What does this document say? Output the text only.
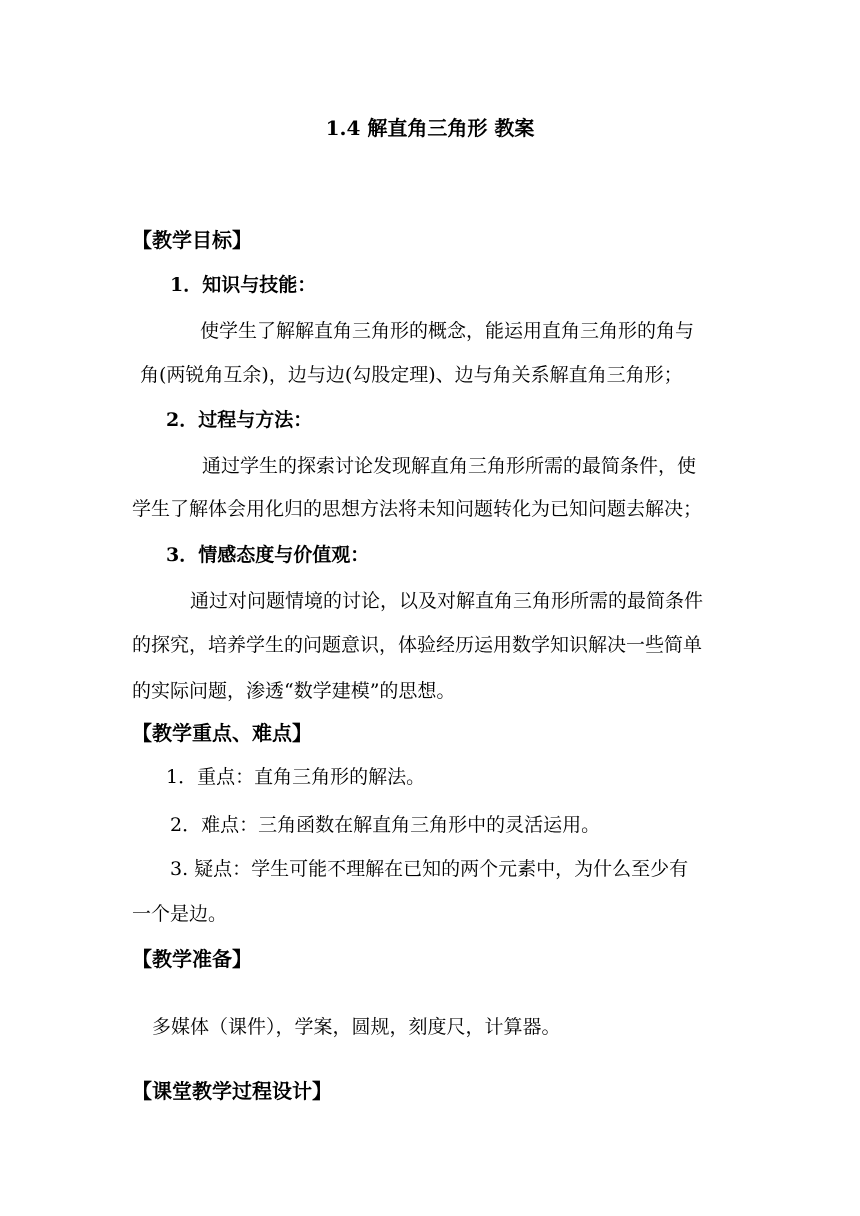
1.4 解直角三角形 教案
【教学目标】
1．知识与技能：
使学生了解解直角三角形的概念，能运用直角三角形的角与
角(两锐角互余)，边与边(勾股定理)、边与角关系解直角三角形；
2．过程与方法：
通过学生的探索讨论发现解直角三角形所需的最简条件，使
学生了解体会用化归的思想方法将未知问题转化为已知问题去解决；
3．情感态度与价值观：
通过对问题情境的讨论，以及对解直角三角形所需的最简条件
的探究，培养学生的问题意识，体验经历运用数学知识解决一些简单
的实际问题，渗透“数学建模”的思想。
【教学重点、难点】
1．重点：直角三角形的解法。
2．难点：三角函数在解直角三角形中的灵活运用。
3. 疑点：学生可能不理解在已知的两个元素中，为什么至少有
一个是边。
【教学准备】
多媒体（课件），学案，圆规，刻度尺，计算器。
【课堂教学过程设计】
